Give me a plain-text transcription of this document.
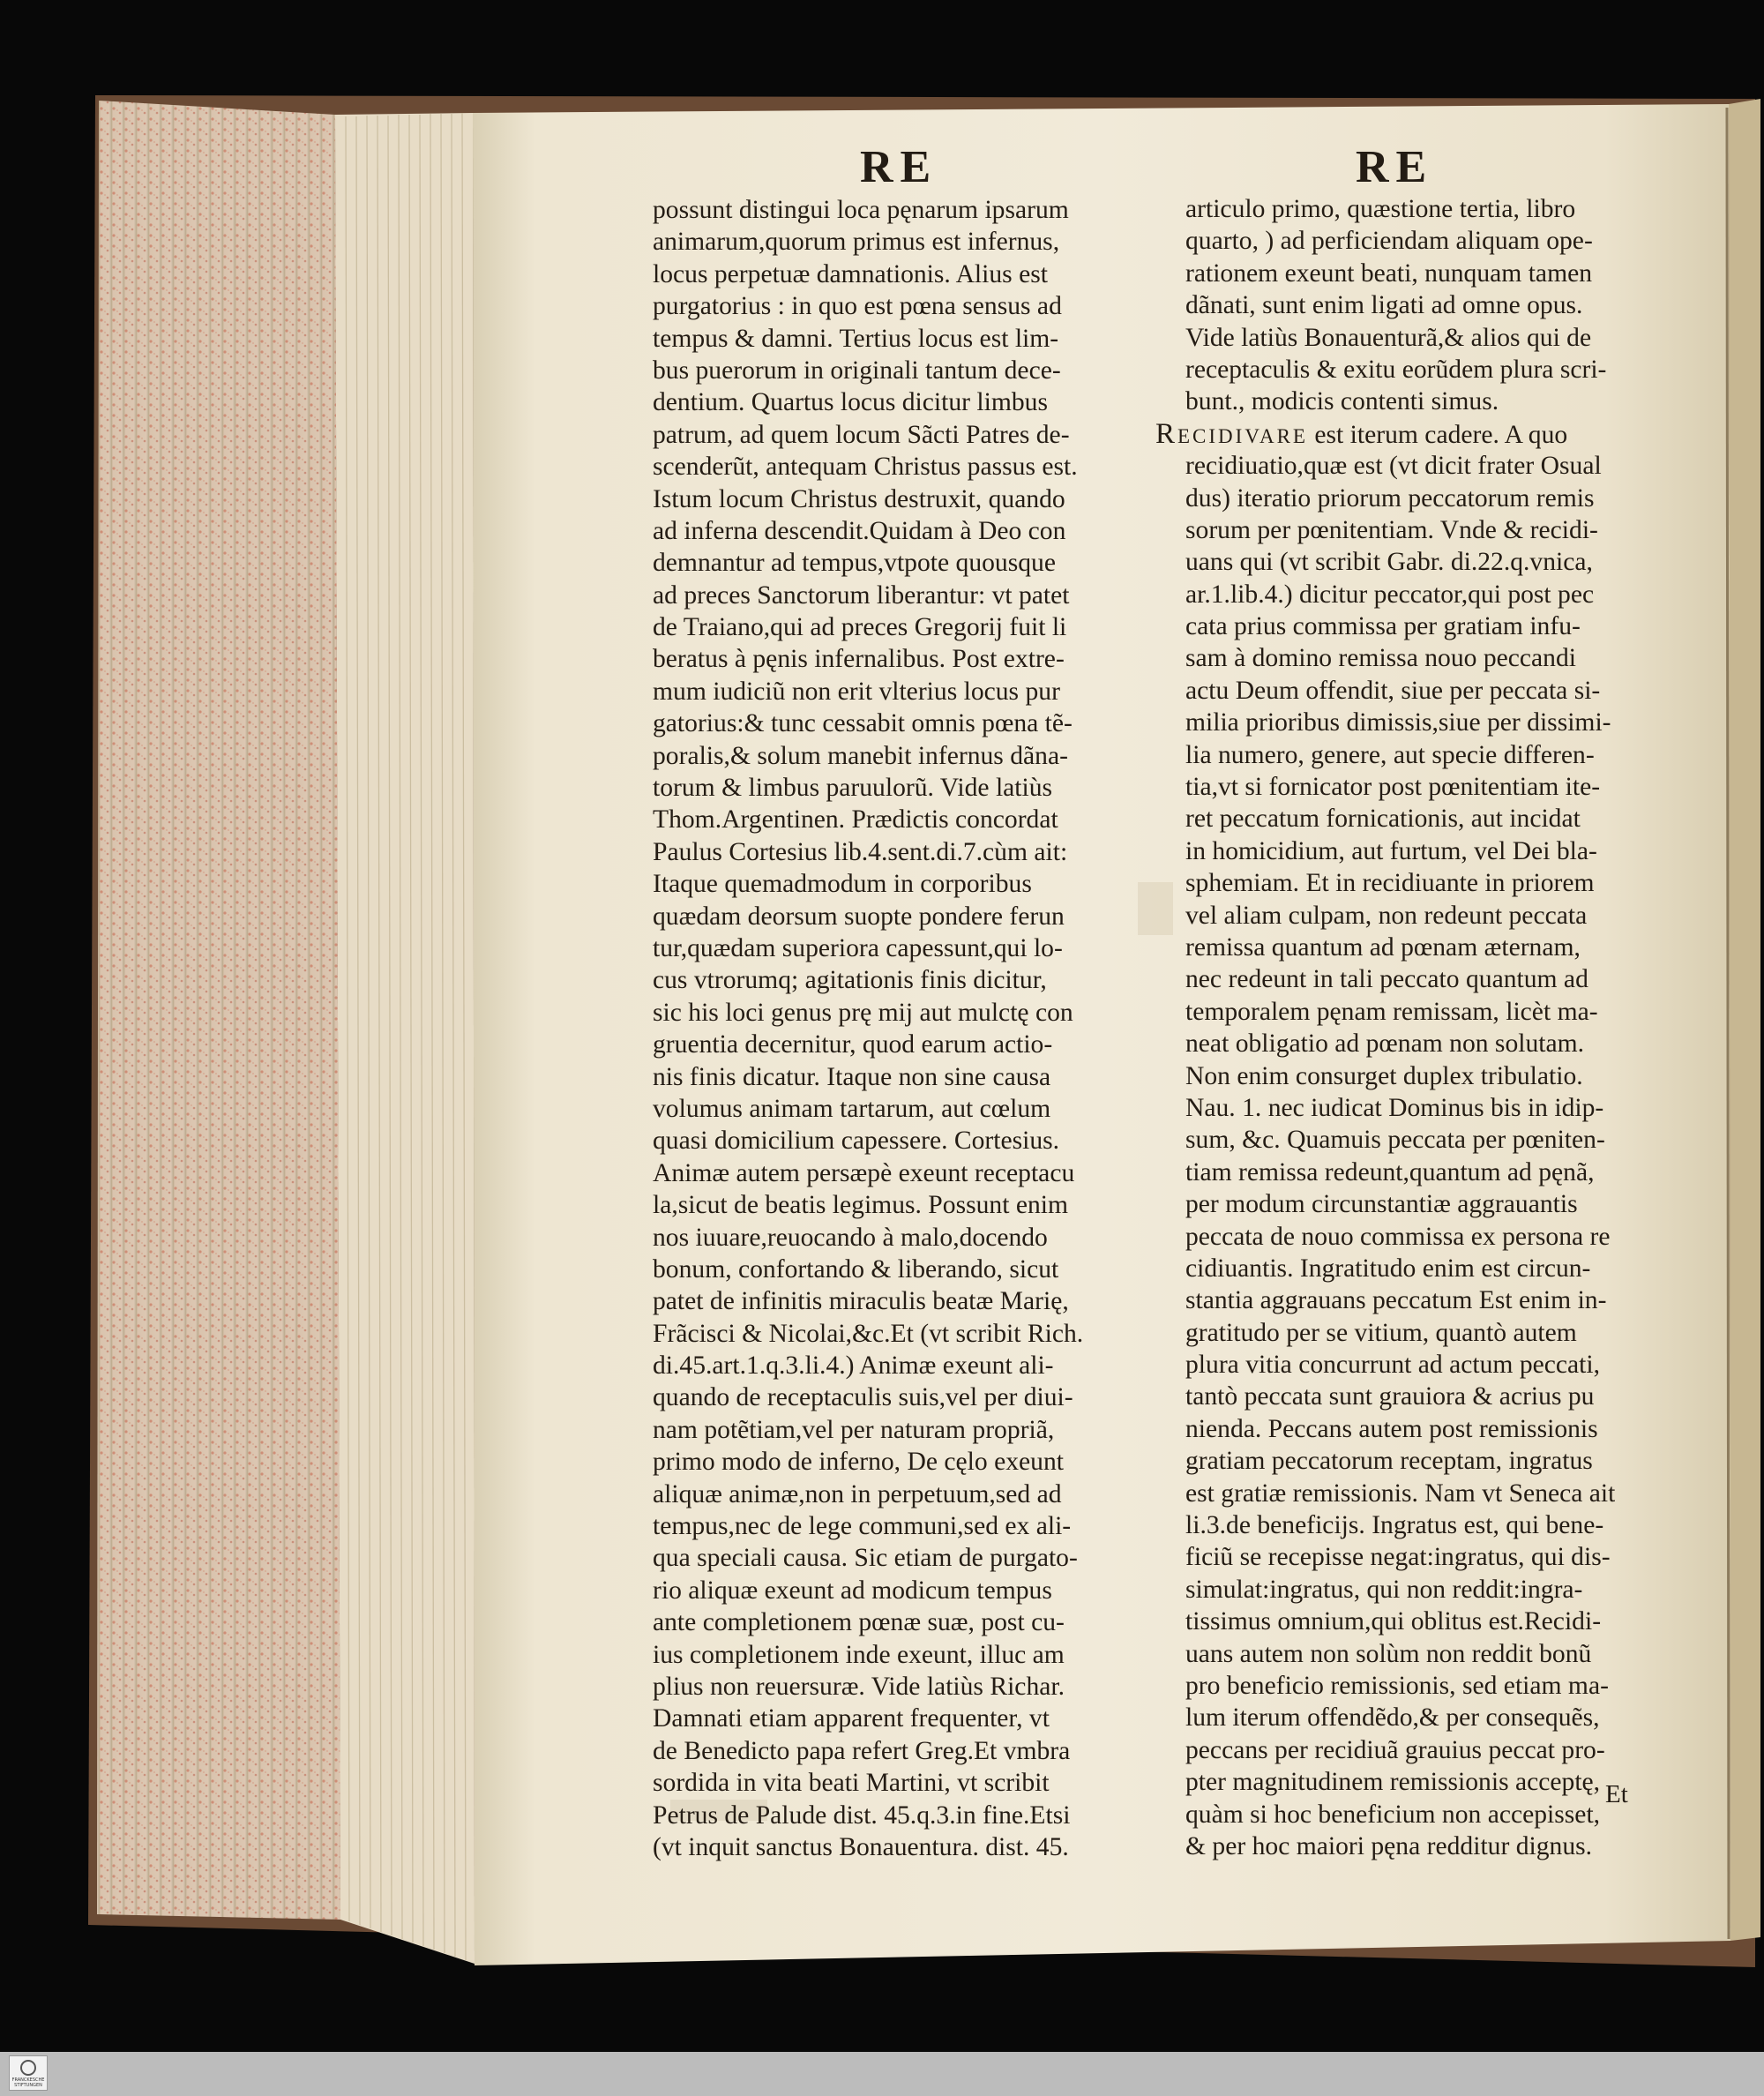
FRANCKESCHE
STIFTUNGEN
RE	RE
possunt distingui loca pęnarum ipsarum
animarum,quorum primus est infernus,
locus perpetuæ damnationis. Alius est
purgatorius : in quo est pœna sensus ad
tempus & damni. Tertius locus est lim-
bus puerorum in originali tantum dece-
dentium. Quartus locus dicitur limbus
patrum, ad quem locum Sãcti Patres de-
scenderũt, antequam Christus passus est.
Istum locum Christus destruxit, quando
ad inferna descendit.Quidam à Deo con
demnantur ad tempus,vtpote quousque
ad preces Sanctorum liberantur: vt patet
de Traiano,qui ad preces Gregorij fuit li
beratus à pęnis infernalibus. Post extre-
mum iudiciũ non erit vlterius locus pur
gatorius:& tunc cessabit omnis pœna tẽ-
poralis,& solum manebit infernus dãna-
torum & limbus paruulorũ. Vide latiùs
Thom.Argentinen. Prædictis concordat
Paulus Cortesius lib.4.sent.di.7.cùm ait:
Itaque quemadmodum in corporibus
quædam deorsum suopte pondere ferun
tur,quædam superiora capessunt,qui lo-
cus vtrorumq; agitationis finis dicitur,
sic his loci genus prę mij aut mulctę con
gruentia decernitur, quod earum actio-
nis finis dicatur. Itaque non sine causa
volumus animam tartarum, aut cœlum
quasi domicilium capessere. Cortesius.
Animæ autem persæpè exeunt receptacu
la,sicut de beatis legimus. Possunt enim
nos iuuare,reuocando à malo,docendo
bonum, confortando & liberando, sicut
patet de infinitis miraculis beatæ Marię,
Frãcisci & Nicolai,&c.Et (vt scribit Rich.
di.45.art.1.q.3.li.4.) Animæ exeunt ali-
quando de receptaculis suis,vel per diui-
nam potẽtiam,vel per naturam propriã,
primo modo de inferno, De cęlo exeunt
aliquæ animæ,non in perpetuum,sed ad
tempus,nec de lege communi,sed ex ali-
qua speciali causa. Sic etiam de purgato-
rio aliquæ exeunt ad modicum tempus
ante completionem pœnæ suæ, post cu-
ius completionem inde exeunt, illuc am
plius non reuersuræ. Vide latiùs Richar.
Damnati etiam apparent frequenter, vt
de Benedicto papa refert Greg.Et vmbra
sordida in vita beati Martini, vt scribit
Petrus de Palude dist. 45.q.3.in fine.Etsi
(vt inquit sanctus Bonauentura. dist. 45.
articulo primo, quæstione tertia, libro
quarto, ) ad perficiendam aliquam ope-
rationem exeunt beati, nunquam tamen
dãnati, sunt enim ligati ad omne opus.
Vide latiùs Bonauenturã,& alios qui de
receptaculis & exitu eorũdem plura scri-
bunt., modicis contenti simus.
Recidivare est iterum cadere. A quo
recidiuatio,quæ est (vt dicit frater Osual
dus) iteratio priorum peccatorum remis
sorum per pœnitentiam. Vnde & recidi-
uans qui (vt scribit Gabr. di.22.q.vnica,
ar.1.lib.4.) dicitur peccator,qui post pec
cata prius commissa per gratiam infu-
sam à domino remissa nouo peccandi
actu Deum offendit, siue per peccata si-
milia prioribus dimissis,siue per dissimi-
lia numero, genere, aut specie differen-
tia,vt si fornicator post pœnitentiam ite-
ret peccatum fornicationis, aut incidat
in homicidium, aut furtum, vel Dei bla-
sphemiam. Et in recidiuante in priorem
vel aliam culpam, non redeunt peccata
remissa quantum ad pœnam æternam,
nec redeunt in tali peccato quantum ad
temporalem pęnam remissam, licèt ma-
neat obligatio ad pœnam non solutam.
Non enim consurget duplex tribulatio.
Nau. 1. nec iudicat Dominus bis in idip-
sum, &c. Quamuis peccata per pœniten-
tiam remissa redeunt,quantum ad pęnã,
per modum circunstantiæ aggrauantis
peccata de nouo commissa ex persona re
cidiuantis. Ingratitudo enim est circun-
stantia aggrauans peccatum Est enim in-
gratitudo per se vitium, quantò autem
plura vitia concurrunt ad actum peccati,
tantò peccata sunt grauiora & acrius pu
nienda. Peccans autem post remissionis
gratiam peccatorum receptam, ingratus
est gratiæ remissionis. Nam vt Seneca ait
li.3.de beneficijs. Ingratus est, qui bene-
ficiũ se recepisse negat:ingratus, qui dis-
simulat:ingratus, qui non reddit:ingra-
tissimus omnium,qui oblitus est.Recidi-
uans autem non solùm non reddit bonũ
pro beneficio remissionis, sed etiam ma-
lum iterum offendẽdo,& per consequẽs,
peccans per recidiuã grauius peccat pro-
pter magnitudinem remissionis acceptę,
quàm si hoc beneficium non accepisset,
& per hoc maiori pęna redditur dignus.
Et
